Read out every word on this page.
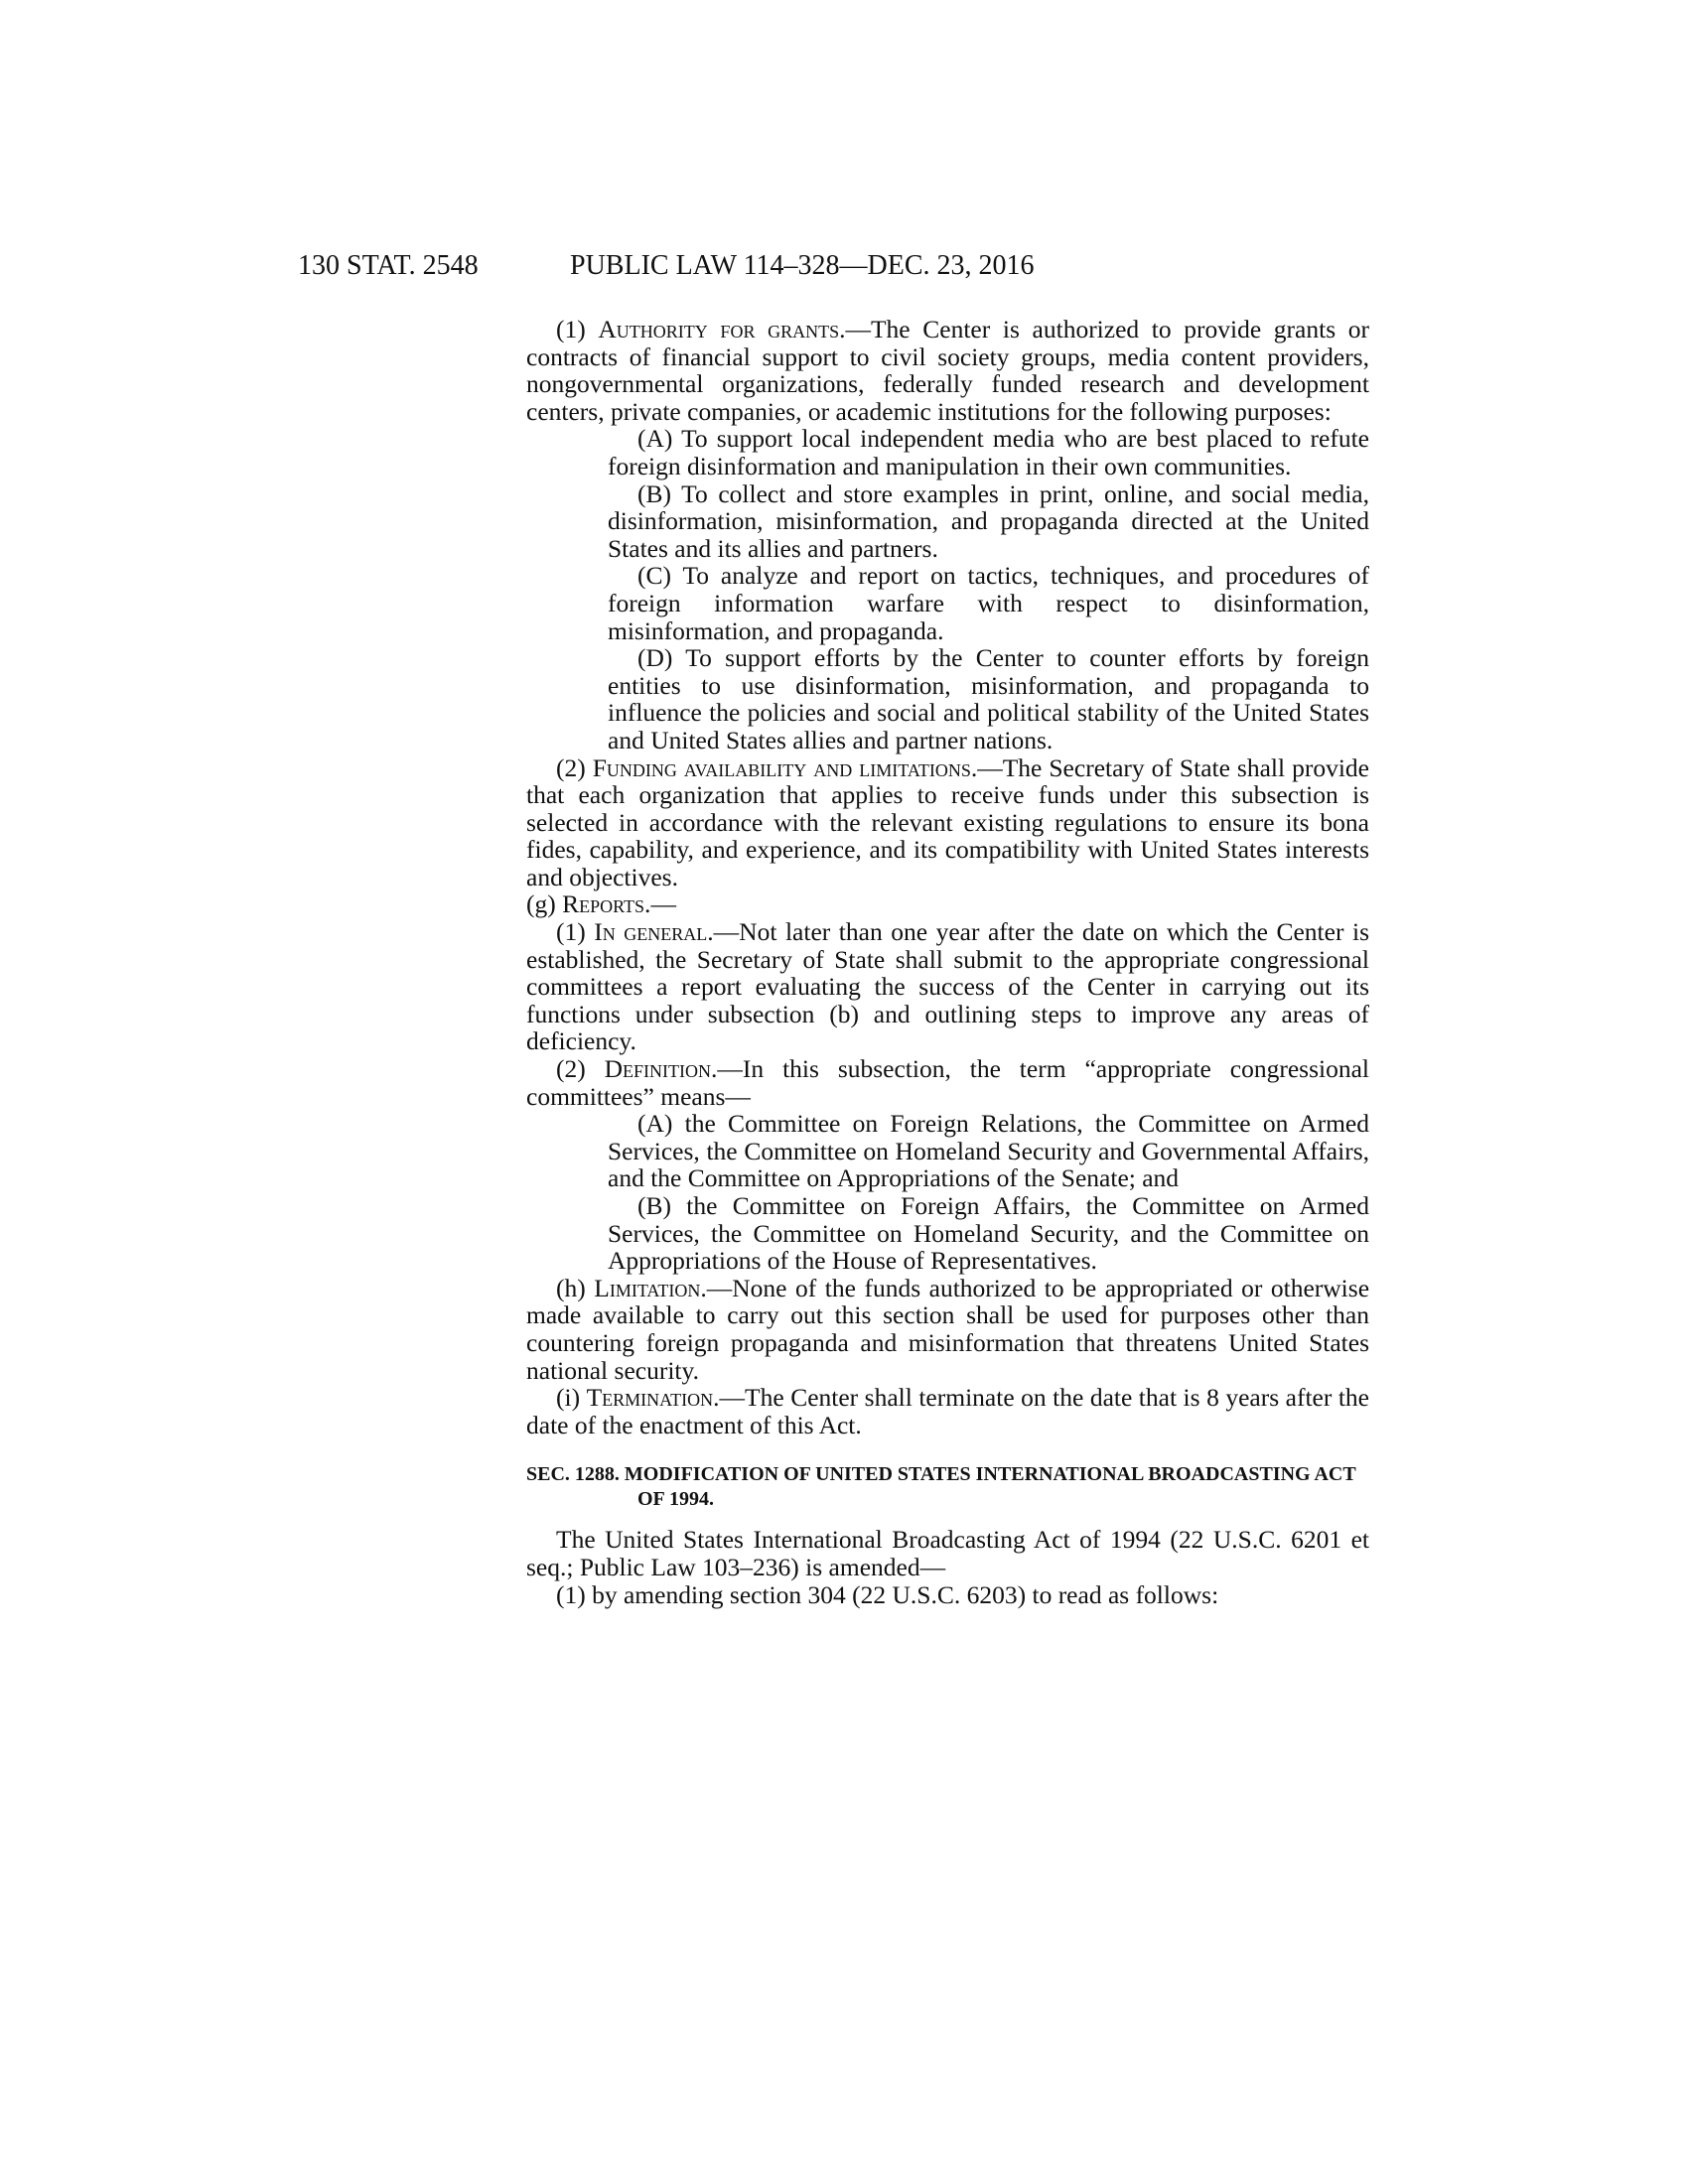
130 STAT. 2548	PUBLIC LAW 114–328—DEC. 23, 2016

(1) Authority for grants.—The Center is authorized to provide grants or contracts of financial support to civil society groups, media content providers, nongovernmental organizations, federally funded research and development centers, private companies, or academic institutions for the following purposes:

(A) To support local independent media who are best placed to refute foreign disinformation and manipulation in their own communities.

(B) To collect and store examples in print, online, and social media, disinformation, misinformation, and propaganda directed at the United States and its allies and partners.

(C) To analyze and report on tactics, techniques, and procedures of foreign information warfare with respect to disinformation, misinformation, and propaganda.

(D) To support efforts by the Center to counter efforts by foreign entities to use disinformation, misinformation, and propaganda to influence the policies and social and political stability of the United States and United States allies and partner nations.

(2) Funding availability and limitations.—The Secretary of State shall provide that each organization that applies to receive funds under this subsection is selected in accordance with the relevant existing regulations to ensure its bona fides, capability, and experience, and its compatibility with United States interests and objectives.

(g) Reports.—

(1) In general.—Not later than one year after the date on which the Center is established, the Secretary of State shall submit to the appropriate congressional committees a report evaluating the success of the Center in carrying out its functions under subsection (b) and outlining steps to improve any areas of deficiency.

(2) Definition.—In this subsection, the term “appropriate congressional committees” means—

(A) the Committee on Foreign Relations, the Committee on Armed Services, the Committee on Homeland Security and Governmental Affairs, and the Committee on Appropriations of the Senate; and

(B) the Committee on Foreign Affairs, the Committee on Armed Services, the Committee on Homeland Security, and the Committee on Appropriations of the House of Representatives.

(h) Limitation.—None of the funds authorized to be appropriated or otherwise made available to carry out this section shall be used for purposes other than countering foreign propaganda and misinformation that threatens United States national security.

(i) Termination.—The Center shall terminate on the date that is 8 years after the date of the enactment of this Act.

SEC. 1288. MODIFICATION OF UNITED STATES INTERNATIONAL BROADCASTING ACT OF 1994.

The United States International Broadcasting Act of 1994 (22 U.S.C. 6201 et seq.; Public Law 103–236) is amended—

(1) by amending section 304 (22 U.S.C. 6203) to read as follows:
